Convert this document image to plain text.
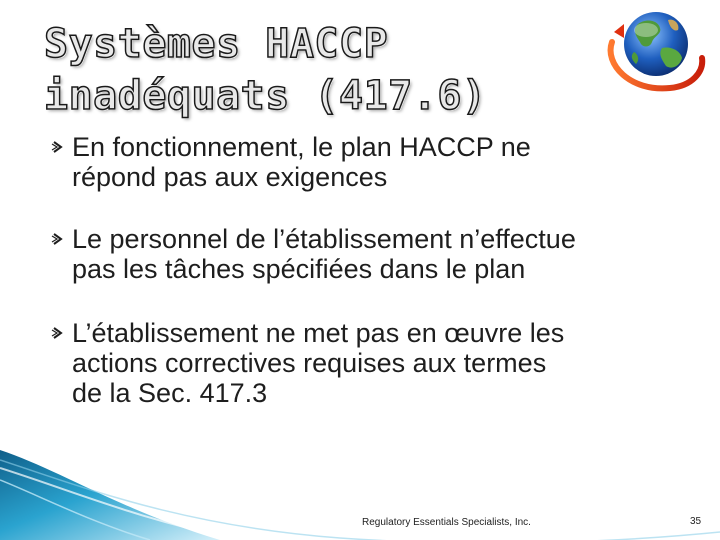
Systèmes HACCP
inadéquats (417.6)
En fonctionnement, le plan HACCP ne
répond pas aux exigences
Le personnel de l’établissement n’effectue
pas les tâches spécifiées dans le plan
L’établissement ne met pas en œuvre les
actions correctives requises aux termes
de la Sec. 417.3
Regulatory Essentials Specialists, Inc.	35
